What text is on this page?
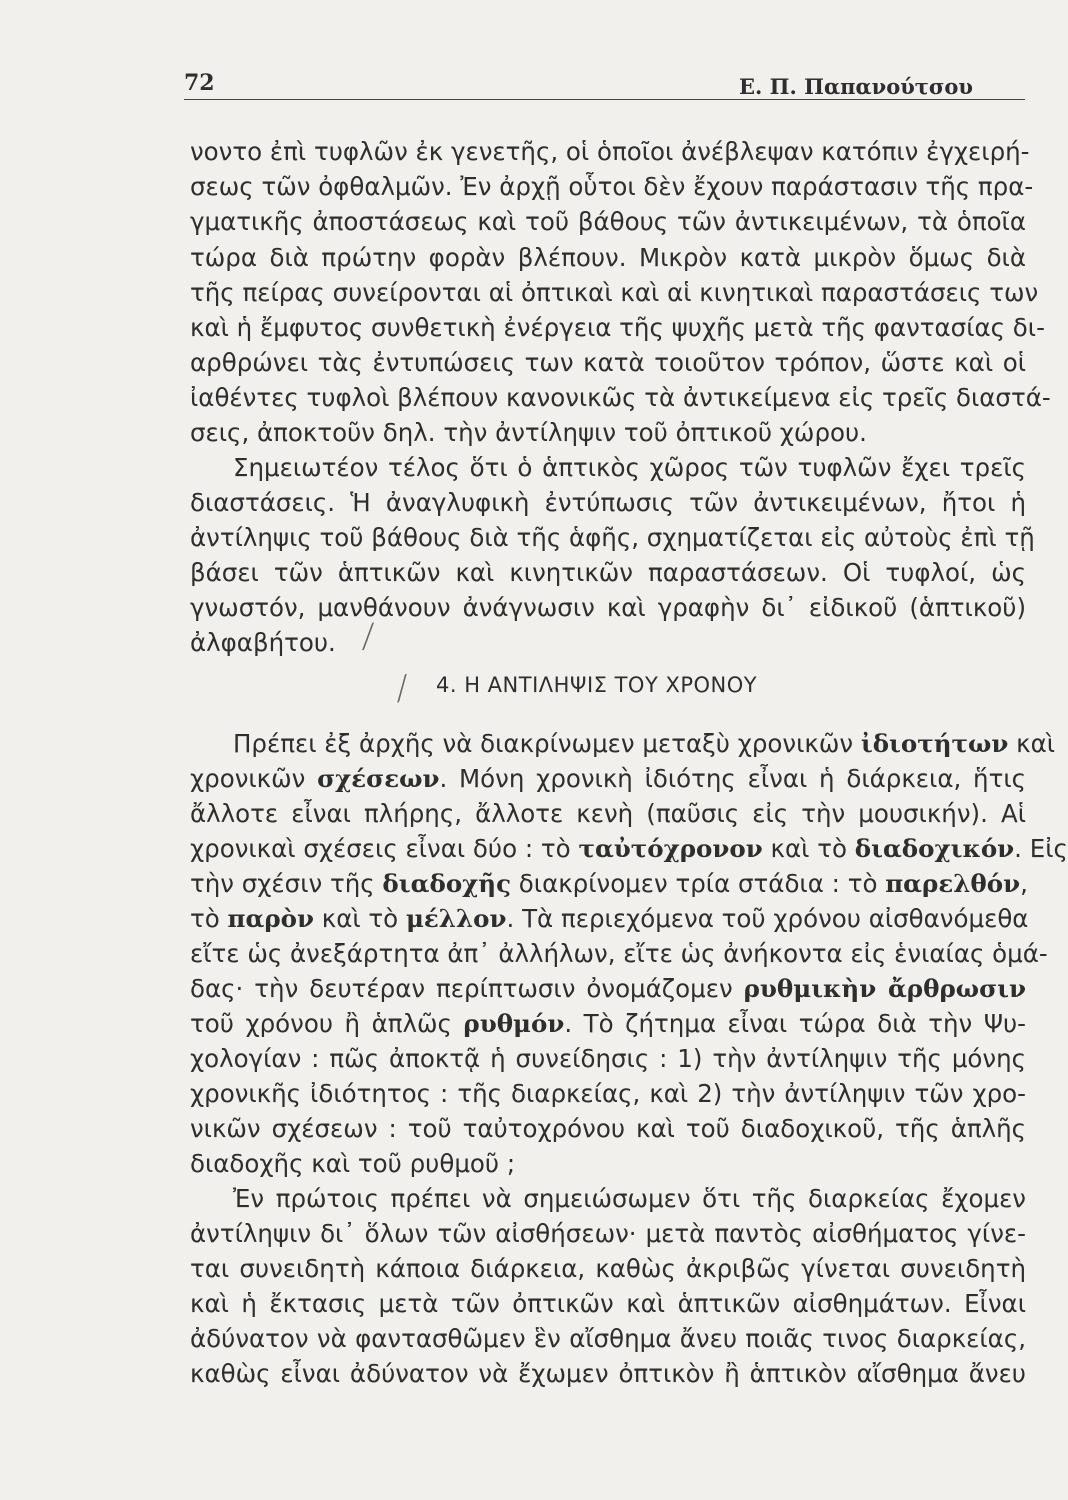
72	Ε. Π. Παπανούτσου
νοντο ἐπὶ τυφλῶν ἐκ γενετῆς, οἱ ὁποῖοι ἀνέβλεψαν κατόπιν ἐγχειρή-
σεως τῶν ὀφθαλμῶν. Ἐν ἀρχῇ οὗτοι δὲν ἔχουν παράστασιν τῆς πρα-
γματικῆς ἀποστάσεως καὶ τοῦ βάθους τῶν ἀντικειμένων, τὰ ὁποῖα
τώρα διὰ πρώτην φορὰν βλέπουν. Μικρὸν κατὰ μικρὸν ὅμως διὰ
τῆς πείρας συνείρονται αἱ ὀπτικαὶ καὶ αἱ κινητικαὶ παραστάσεις των
καὶ ἡ ἔμφυτος συνθετικὴ ἐνέργεια τῆς ψυχῆς μετὰ τῆς φαντασίας δι-
αρθρώνει τὰς ἐντυπώσεις των κατὰ τοιοῦτον τρόπον, ὥστε καὶ οἱ
ἰαθέντες τυφλοὶ βλέπουν κανονικῶς τὰ ἀντικείμενα εἰς τρεῖς διαστά-
σεις, ἀποκτοῦν δηλ. τὴν ἀντίληψιν τοῦ ὀπτικοῦ χώρου.
Σημειωτέον τέλος ὅτι ὁ ἁπτικὸς χῶρος τῶν τυφλῶν ἔχει τρεῖς
διαστάσεις. Ἡ ἀναγλυφικὴ ἐντύπωσις τῶν ἀντικειμένων, ἤτοι ἡ
ἀντίληψις τοῦ βάθους διὰ τῆς ἁφῆς, σχηματίζεται εἰς αὐτοὺς ἐπὶ τῇ
βάσει τῶν ἁπτικῶν καὶ κινητικῶν παραστάσεων. Οἱ τυφλοί, ὡς
γνωστόν, μανθάνουν ἀνάγνωσιν καὶ γραφὴν δι᾿ εἰδικοῦ (ἁπτικοῦ)
ἀλφαβήτου. ⟋
⟋ 4. Η ΑΝΤΙΛΗΨΙΣ ΤΟΥ ΧΡΟΝΟΥ
Πρέπει ἐξ ἀρχῆς νὰ διακρίνωμεν μεταξὺ χρονικῶν ἰδιοτήτων καὶ
χρονικῶν σχέσεων. Μόνη χρονικὴ ἰδιότης εἶναι ἡ διάρκεια, ἥτις
ἄλλοτε εἶναι πλήρης, ἄλλοτε κενὴ (παῦσις εἰς τὴν μουσικήν). Αἱ
χρονικαὶ σχέσεις εἶναι δύο : τὸ ταὐτόχρονον καὶ τὸ διαδοχικόν. Εἰς
τὴν σχέσιν τῆς διαδοχῆς διακρίνομεν τρία στάδια : τὸ παρελθόν,
τὸ παρὸν καὶ τὸ μέλλον. Τὰ περιεχόμενα τοῦ χρόνου αἰσθανόμεθα
εἴτε ὡς ἀνεξάρτητα ἀπ᾿ ἀλλήλων, εἴτε ὡς ἀνήκοντα εἰς ἑνιαίας ὁμά-
δας· τὴν δευτέραν περίπτωσιν ὀνομάζομεν ρυθμικὴν ἄρθρωσιν
τοῦ χρόνου ἢ ἁπλῶς ρυθμόν. Τὸ ζήτημα εἶναι τώρα διὰ τὴν Ψυ-
χολογίαν : πῶς ἀποκτᾷ ἡ συνείδησις : 1) τὴν ἀντίληψιν τῆς μόνης
χρονικῆς ἰδιότητος : τῆς διαρκείας, καὶ 2) τὴν ἀντίληψιν τῶν χρο-
νικῶν σχέσεων : τοῦ ταὐτοχρόνου καὶ τοῦ διαδοχικοῦ, τῆς ἁπλῆς
διαδοχῆς καὶ τοῦ ρυθμοῦ ;
Ἐν πρώτοις πρέπει νὰ σημειώσωμεν ὅτι τῆς διαρκείας ἔχομεν
ἀντίληψιν δι᾿ ὅλων τῶν αἰσθήσεων· μετὰ παντὸς αἰσθήματος γίνε-
ται συνειδητὴ κάποια διάρκεια, καθὼς ἀκριβῶς γίνεται συνειδητὴ
καὶ ἡ ἔκτασις μετὰ τῶν ὀπτικῶν καὶ ἁπτικῶν αἰσθημάτων. Εἶναι
ἀδύνατον νὰ φαντασθῶμεν ἓν αἴσθημα ἄνευ ποιᾶς τινος διαρκείας,
καθὼς εἶναι ἀδύνατον νὰ ἔχωμεν ὀπτικὸν ἢ ἁπτικὸν αἴσθημα ἄνευ
